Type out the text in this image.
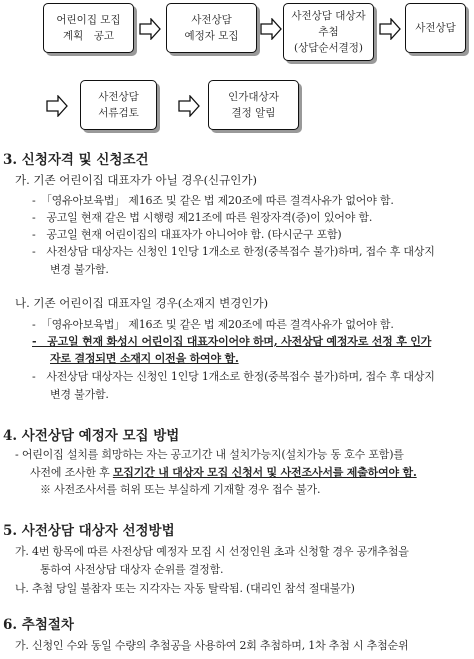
어린이집 모집
계획　공고
사전상담
예정자 모집
사전상담 대상자
추첨
(상담순서결정)
사전상담
사전상담
서류검토
인가대상자
결정 알림
3. 신청자격 및 신청조건
가. 기존 어린이집 대표자가 아닐 경우(신규인가)
-　「영유아보육법」 제16조 및 같은 법 제20조에 따른 결격사유가 없어야 함.
-　공고일 현재 같은 법 시행령 제21조에 따른 원장자격(증)이 있어야 함.
-　공고일 현재 어린이집의 대표자가 아니어야 함. (타시군구 포함)
-　사전상담 대상자는 신청인 1인당 1개소로 한정(중복접수 불가)하며, 접수 후 대상지
변경 불가함.
나. 기존 어린이집 대표자일 경우(소재지 변경인가)
-　「영유아보육법」 제16조 및 같은 법 제20조에 따른 결격사유가 없어야 함.
-　공고일 현재 화성시 어린이집 대표자이어야 하며, 사전상담 예정자로 선정 후 인가
자로 결정되면 소재지 이전을 하여야 함.
-　사전상담 대상자는 신청인 1인당 1개소로 한정(중복접수 불가)하며, 접수 후 대상지
변경 불가함.
4. 사전상담 예정자 모집 방법
- 어린이집 설치를 희망하는 자는 공고기간 내 설치가능지(설치가능 동 호수 포함)를
사전에 조사한 후 모집기간 내 대상자 모집 신청서 및 사전조사서를 제출하여야 함.
※ 사전조사서를 허위 또는 부실하게 기재할 경우 접수 불가.
5. 사전상담 대상자 선정방법
가. 4번 항목에 따른 사전상담 예정자 모집 시 선정인원 초과 신청할 경우 공개추첨을
통하여 사전상담 대상자 순위를 결정함.
나. 추첨 당일 불참자 또는 지각자는 자동 탈락됨. (대리인 참석 절대불가)
6. 추첨절차
가. 신청인 수와 동일 수량의 추첨공을 사용하여 2회 추첨하며, 1차 추첨 시 추첨순위
